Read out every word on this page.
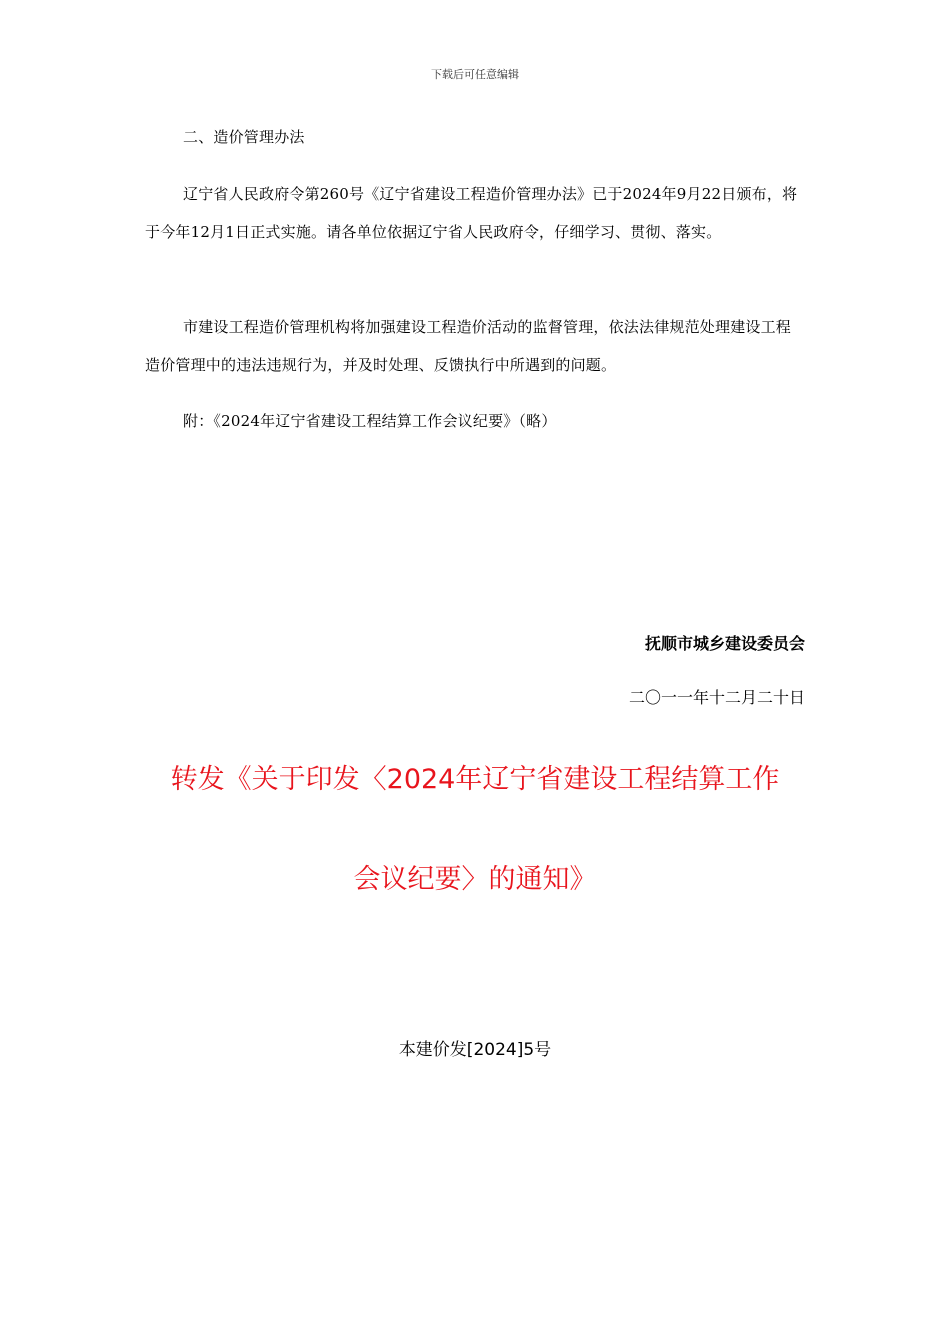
下载后可任意编辑
二、造价管理办法
辽宁省人民政府令第260号《辽宁省建设工程造价管理办法》已于2024年9月22日颁布，将于今年12月1日正式实施。请各单位依据辽宁省人民政府令，仔细学习、贯彻、落实。
市建设工程造价管理机构将加强建设工程造价活动的监督管理，依法法律规范处理建设工程造价管理中的违法违规行为，并及时处理、反馈执行中所遇到的问题。
附：《2024年辽宁省建设工程结算工作会议纪要》（略）
抚顺市城乡建设委员会
二〇一一年十二月二十日
转发《关于印发〈2024年辽宁省建设工程结算工作
会议纪要〉的通知》
本建价发[2024]5号
